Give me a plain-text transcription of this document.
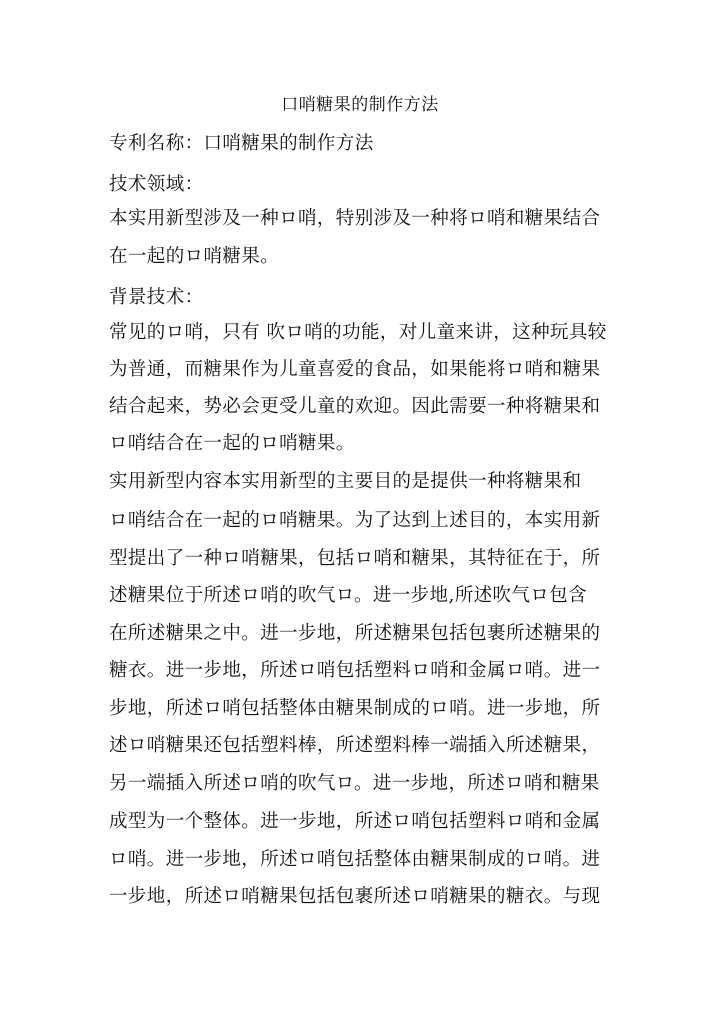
口哨糖果的制作方法
专利名称：口哨糖果的制作方法
技术领域：
本实用新型涉及一种ロ哨，特别涉及一种将ロ哨和糖果结合
在一起的ロ哨糖果。
背景技术：
常见的ロ哨，只有 吹ロ哨的功能，对儿童来讲，这种玩具较
为普通，而糖果作为儿童喜爱的食品，如果能将ロ哨和糖果
结合起来，势必会更受儿童的欢迎。因此需要一种将糖果和
ロ哨结合在一起的ロ哨糖果。
实用新型内容本实用新型的主要目的是提供一种将糖果和
ロ哨结合在一起的ロ哨糖果。为了达到上述目的，本实用新
型提出了一种ロ哨糖果，包括ロ哨和糖果，其特征在于，所
述糖果位于所述ロ哨的吹气ロ。进一步地,所述吹气ロ包含
在所述糖果之中。进一步地，所述糖果包括包裹所述糖果的
糖衣。进一步地，所述ロ哨包括塑料ロ哨和金属ロ哨。进一
步地，所述ロ哨包括整体由糖果制成的ロ哨。进一步地，所
述ロ哨糖果还包括塑料棒，所述塑料棒一端插入所述糖果，
另一端插入所述ロ哨的吹气ロ。进一步地，所述ロ哨和糖果
成型为一个整体。进一步地，所述ロ哨包括塑料ロ哨和金属
ロ哨。进一步地，所述ロ哨包括整体由糖果制成的ロ哨。进
一步地，所述ロ哨糖果包括包裹所述ロ哨糖果的糖衣。与现
